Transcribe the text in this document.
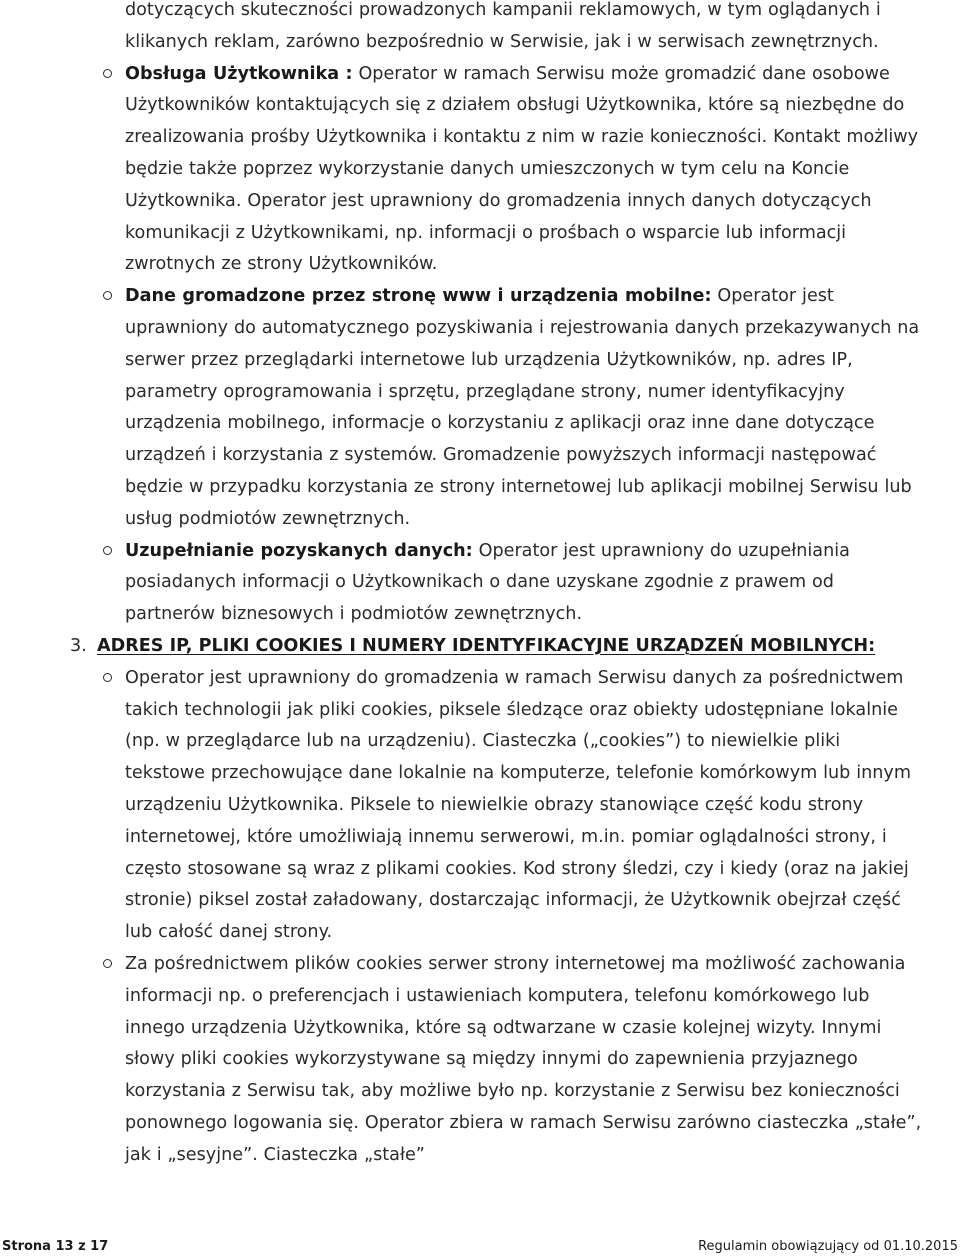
dotyczących skuteczności prowadzonych kampanii reklamowych, w tym oglądanych i klikanych reklam, zarówno bezpośrednio w Serwisie, jak i w serwisach zewnętrznych.

Obsługa Użytkownika : Operator w ramach Serwisu może gromadzić dane osobowe Użytkowników kontaktujących się z działem obsługi Użytkownika, które są niezbędne do zrealizowania prośby Użytkownika i kontaktu z nim w razie konieczności. Kontakt możliwy będzie także poprzez wykorzystanie danych umieszczonych w tym celu na Koncie Użytkownika. Operator jest uprawniony do gromadzenia innych danych dotyczących komunikacji z Użytkownikami, np. informacji o prośbach o wsparcie lub informacji zwrotnych ze strony Użytkowników.
Dane gromadzone przez stronę www i urządzenia mobilne: Operator jest uprawniony do automatycznego pozyskiwania i rejestrowania danych przekazywanych na serwer przez przeglądarki internetowe lub urządzenia Użytkowników, np. adres IP, parametry oprogramowania i sprzętu, przeglądane strony, numer identyfikacyjny urządzenia mobilnego, informacje o korzystaniu z aplikacji oraz inne dane dotyczące urządzeń i korzystania z systemów. Gromadzenie powyższych informacji następować będzie w przypadku korzystania ze strony internetowej lub aplikacji mobilnej Serwisu lub usług podmiotów zewnętrznych.
Uzupełnianie pozyskanych danych: Operator jest uprawniony do uzupełniania posiadanych informacji o Użytkownikach o dane uzyskane zgodnie z prawem od partnerów biznesowych i podmiotów zewnętrznych.
3. ADRES IP, PLIKI COOKIES I NUMERY IDENTYFIKACYJNE URZĄDZEŃ MOBILNYCH:
Operator jest uprawniony do gromadzenia w ramach Serwisu danych za pośrednictwem takich technologii jak pliki cookies, piksele śledzące oraz obiekty udostępniane lokalnie (np. w przeglądarce lub na urządzeniu). Ciasteczka („cookies”) to niewielkie pliki tekstowe przechowujące dane lokalnie na komputerze, telefonie komórkowym lub innym urządzeniu Użytkownika. Piksele to niewielkie obrazy stanowiące część kodu strony internetowej, które umożliwiają innemu serwerowi, m.in. pomiar oglądalności strony, i często stosowane są wraz z plikami cookies. Kod strony śledzi, czy i kiedy (oraz na jakiej stronie) piksel został załadowany, dostarczając informacji, że Użytkownik obejrzał część lub całość danej strony.
Za pośrednictwem plików cookies serwer strony internetowej ma możliwość zachowania informacji np. o preferencjach i ustawieniach komputera, telefonu komórkowego lub innego urządzenia Użytkownika, które są odtwarzane w czasie kolejnej wizyty. Innymi słowy pliki cookies wykorzystywane są między innymi do zapewnienia przyjaznego korzystania z Serwisu tak, aby możliwe było np. korzystanie z Serwisu bez konieczności ponownego logowania się. Operator zbiera w ramach Serwisu zarówno ciasteczka „stałe”, jak i „sesyjne”. Ciasteczka „stałe”
Strona 13 z 17	Regulamin obowiązujący od 01.10.2015
